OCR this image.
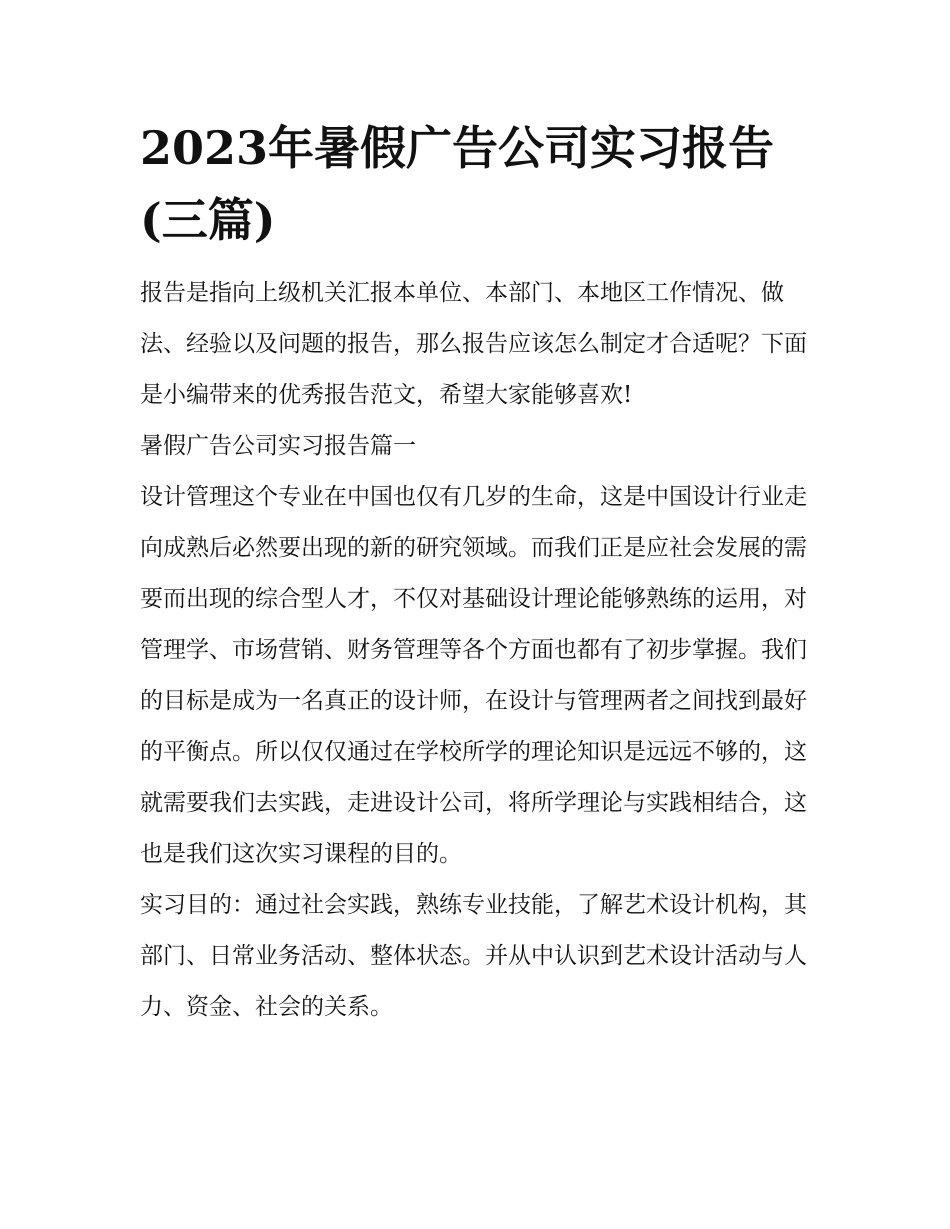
2023年暑假广告公司实习报告(三篇)

报告是指向上级机关汇报本单位、本部门、本地区工作情况、做法、经验以及问题的报告，那么报告应该怎么制定才合适呢？下面是小编带来的优秀报告范文，希望大家能够喜欢!

暑假广告公司实习报告篇一

设计管理这个专业在中国也仅有几岁的生命，这是中国设计行业走向成熟后必然要出现的新的研究领域。而我们正是应社会发展的需要而出现的综合型人才，不仅对基础设计理论能够熟练的运用，对管理学、市场营销、财务管理等各个方面也都有了初步掌握。我们的目标是成为一名真正的设计师，在设计与管理两者之间找到最好的平衡点。所以仅仅通过在学校所学的理论知识是远远不够的，这就需要我们去实践，走进设计公司，将所学理论与实践相结合，这也是我们这次实习课程的目的。

实习目的：通过社会实践，熟练专业技能，了解艺术设计机构，其部门、日常业务活动、整体状态。并从中认识到艺术设计活动与人力、资金、社会的关系。
